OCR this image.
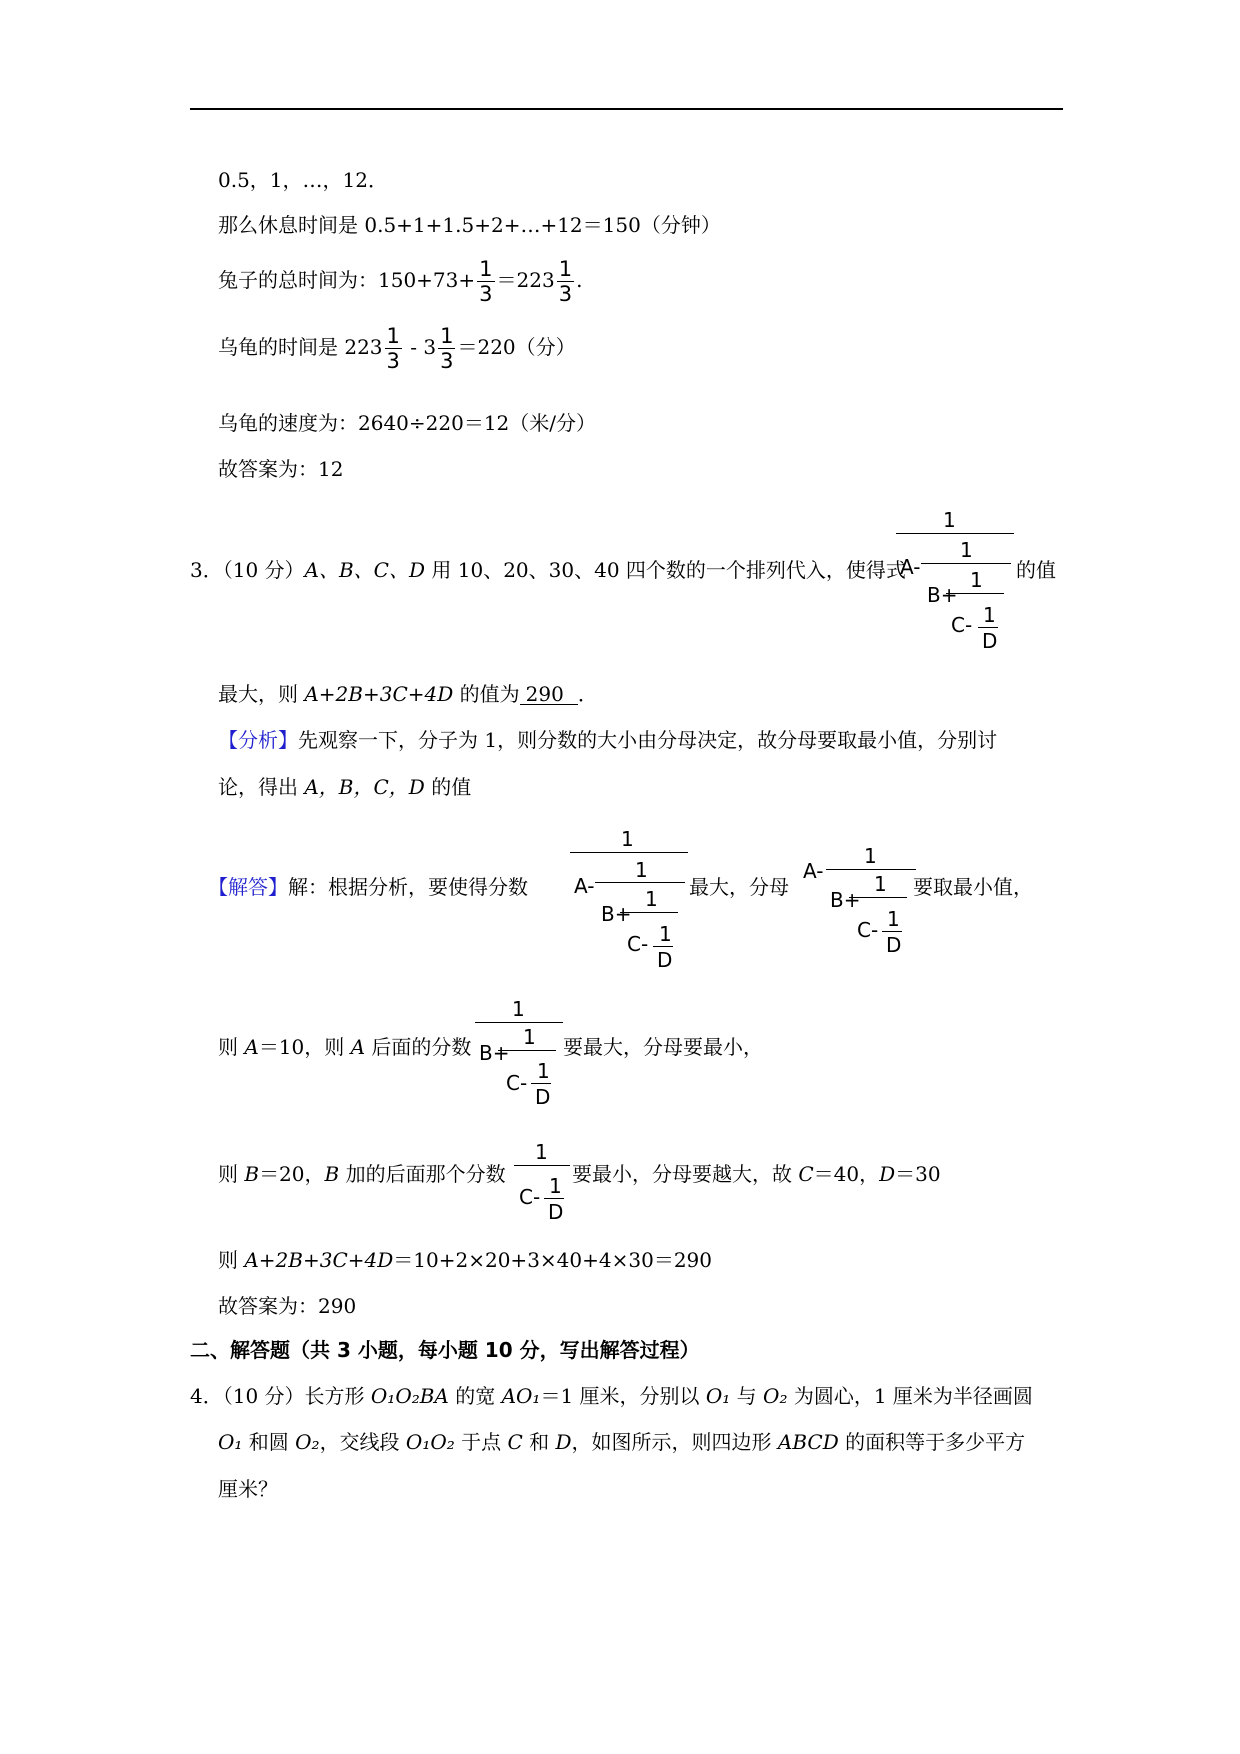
0.5，1，…，12．
那么休息时间是 0.5+1+1.5+2+…+12＝150（分钟）
兔子的总时间为：$150+73+ \frac{1}{3} =223 \frac{1}{3}$ .
乌龟的时间是 $223 \frac{1}{3} - 3 \frac{1}{3} =220$（分）
乌龟的速度为：2640÷220＝12（米/分）
故答案为：12
3．（10 分）A、B、C、D 用 10、20、30、40 四个数的一个排列代入，使得式	的值
1
A-
1
B+
1
C- 1
D
最大，则 A+2B+3C+4D 的值为 290 ．
【分析】先观察一下，分子为 1，则分数的大小由分母决定，故分母要取最小值，分别讨
论，得出 A，B，C，D 的值
【解答】解：根据分析，要使得分数	最大，分母	要取最小值，
1
A-
1
B+
1
C- 1
D
A-
1
B+
1
C- 1
D
则 A＝10，则 A 后面的分数	要最大，分母要最小，
1
B+
1
C- 1
D
则 B＝20，B 加的后面那个分数	要最小，分母要越大，故 C＝40，D＝30
1
C- 1
D
则 A+2B+3C+4D＝10+2×20+3×40+4×30＝290
故答案为：290
二、解答题（共 3 小题，每小题 10 分，写出解答过程）
4．（10 分）长方形 O₁O₂BA 的宽 AO₁＝1 厘米，分别以 O₁ 与 O₂ 为圆心，1 厘米为半径画圆
O₁ 和圆 O₂，交线段 O₁O₂ 于点 C 和 D，如图所示，则四边形 ABCD 的面积等于多少平方
厘米？
